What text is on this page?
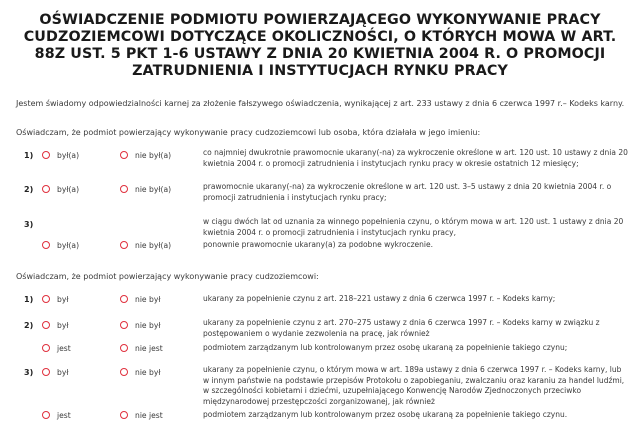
OŚWIADCZENIE PODMIOTU POWIERZAJĄCEGO WYKONYWANIE PRACY CUDZOZIEMCOWI DOTYCZĄCE OKOLICZNOŚCI, O KTÓRYCH MOWA W ART. 88Z UST. 5 PKT 1-6 USTAWY Z DNIA 20 KWIETNIA 2004 R. O PROMOCJI ZATRUDNIENIA I INSTYTUCJACH RYNKU PRACY
Jestem świadomy odpowiedzialności karnej za złożenie fałszywego oświadczenia, wynikającej z art. 233 ustawy z dnia 6 czerwca 1997 r.– Kodeks karny.
Oświadczam, że podmiot powierzający wykonywanie pracy cudzoziemcowi lub osoba, która działała w jego imieniu:
1)	był(a)	nie był(a)	co najmniej dwukrotnie prawomocnie ukarany(-na) za wykroczenie określone w art. 120 ust. 10 ustawy z dnia 20 kwietnia 2004 r. o promocji zatrudnienia i instytucjach rynku pracy w okresie ostatnich 12 miesięcy;
2)	był(a)	nie był(a)	prawomocnie ukarany(-na) za wykroczenie określone w art. 120 ust. 3–5 ustawy z dnia 20 kwietnia 2004 r. o promocji zatrudnienia i instytucjach rynku pracy;
3)	w ciągu dwóch lat od uznania za winnego popełnienia czynu, o którym mowa w art. 120 ust. 1 ustawy z dnia 20 kwietnia 2004 r. o promocji zatrudnienia i instytucjach rynku pracy,
był(a)	nie był(a)	ponownie prawomocnie ukarany(a) za podobne wykroczenie.
Oświadczam, że podmiot powierzający wykonywanie pracy cudzoziemcowi:
1)	był	nie był	ukarany za popełnienie czynu z art. 218–221 ustawy z dnia 6 czerwca 1997 r. – Kodeks karny;
2)	był	nie był	ukarany za popełnienie czynu z art. 270–275 ustawy z dnia 6 czerwca 1997 r. – Kodeks karny w związku z postępowaniem o wydanie zezwolenia na pracę, jak również
jest	nie jest	podmiotem zarządzanym lub kontrolowanym przez osobę ukaraną za popełnienie takiego czynu;
3)	był	nie był	ukarany za popełnienie czynu, o którym mowa w art. 189a ustawy z dnia 6 czerwca 1997 r. – Kodeks karny, lub w innym państwie na podstawie przepisów Protokołu o zapobieganiu, zwalczaniu oraz karaniu za handel ludźmi, w szczególności kobietami i dziećmi, uzupełniającego Konwencję Narodów Zjednoczonych przeciwko międzynarodowej przestępczości zorganizowanej, jak również
jest	nie jest	podmiotem zarządzanym lub kontrolowanym przez osobę ukaraną za popełnienie takiego czynu.
